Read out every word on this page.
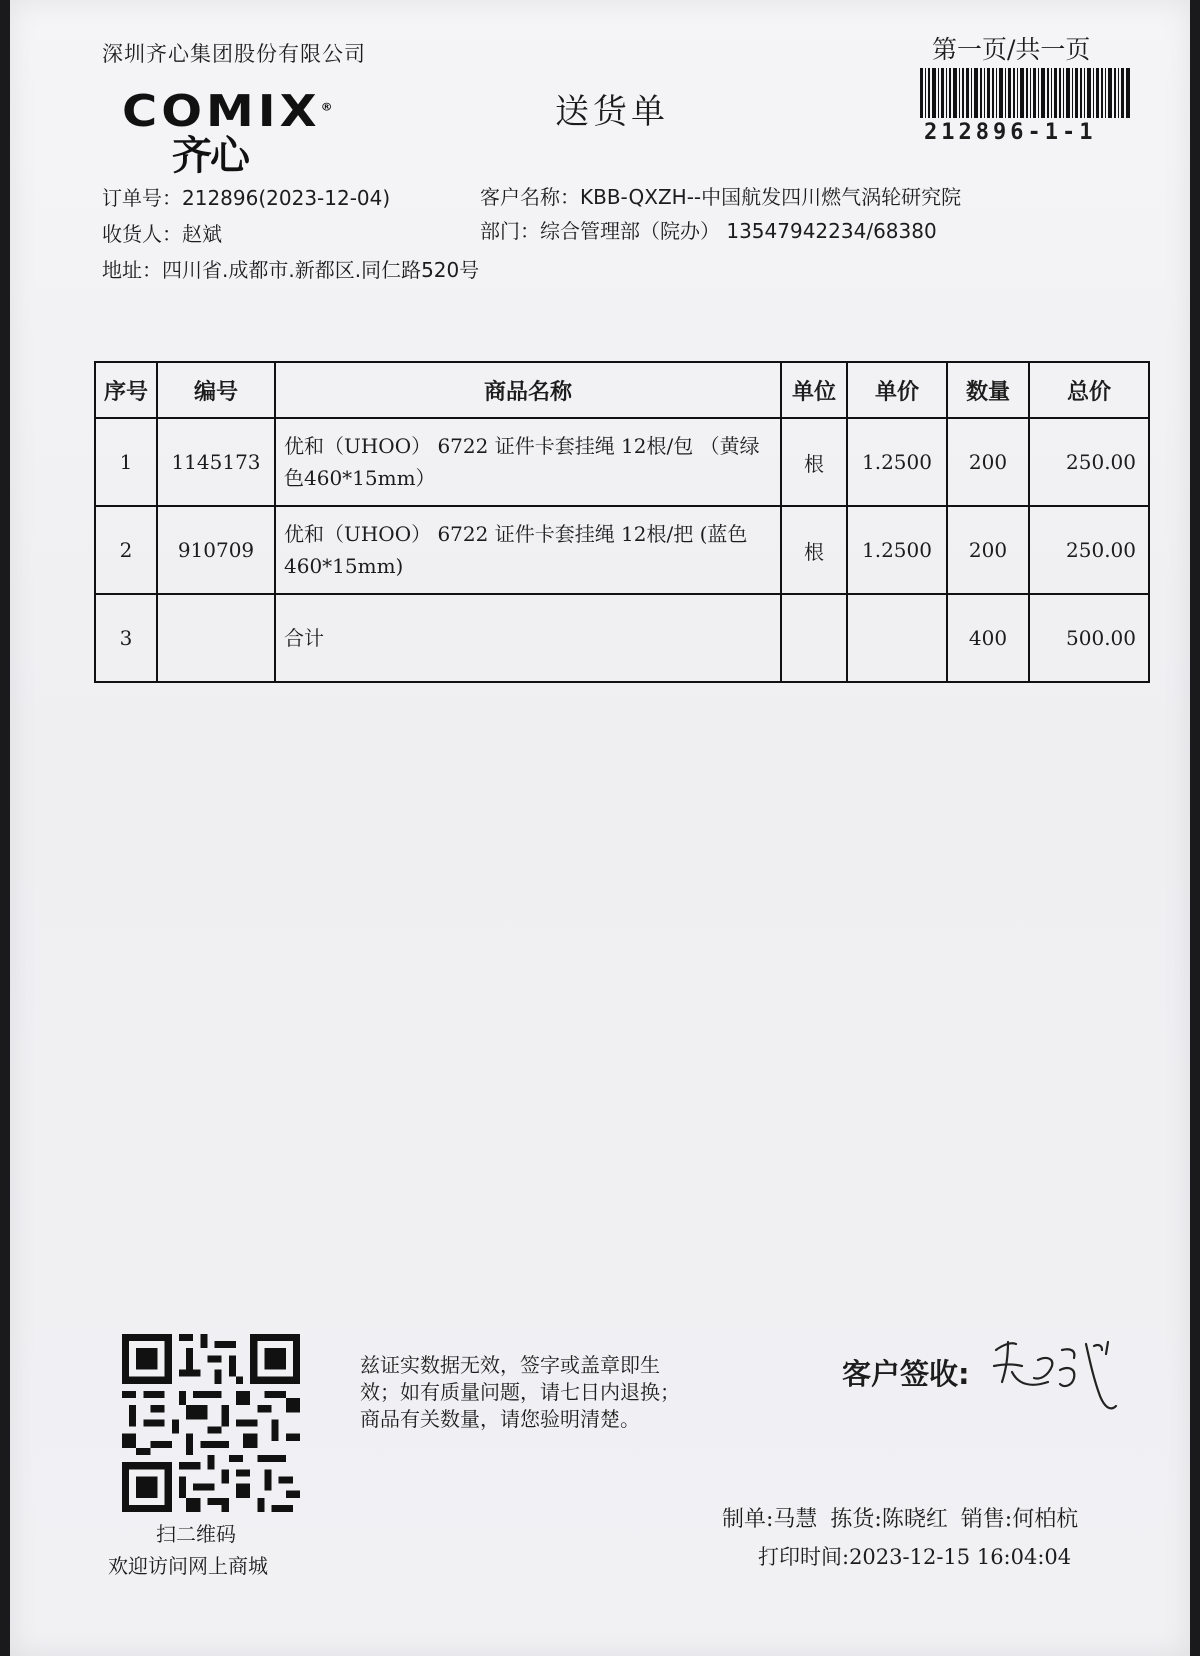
深圳齐心集团股份有限公司	第一页/共一页
COMIX®
齐心
送货单
212896-1-1
订单号：212896(2023-12-04)	客户名称：KBB-QXZH--中国航发四川燃气涡轮研究院
收货人：赵斌	部门：综合管理部（院办） 13547942234/68380
地址：四川省.成都市.新都区.同仁路520号
序号	编号	商品名称	单位	单价	数量	总价
1	1145173	优和（UHOO） 6722 证件卡套挂绳 12根/包 （黄绿色460*15mm）	根	1.2500	200	250.00
2	910709	优和（UHOO） 6722 证件卡套挂绳 12根/把 (蓝色460*15mm)	根	1.2500	200	250.00
3		合计			400	500.00
扫二维码
欢迎访问网上商城
兹证实数据无效，签字或盖章即生
效；如有质量问题，请七日内退换；
商品有关数量，请您验明清楚。
客户签收:
制单:马慧 拣货:陈晓红 销售:何柏杭
打印时间:2023-12-15 16:04:04
